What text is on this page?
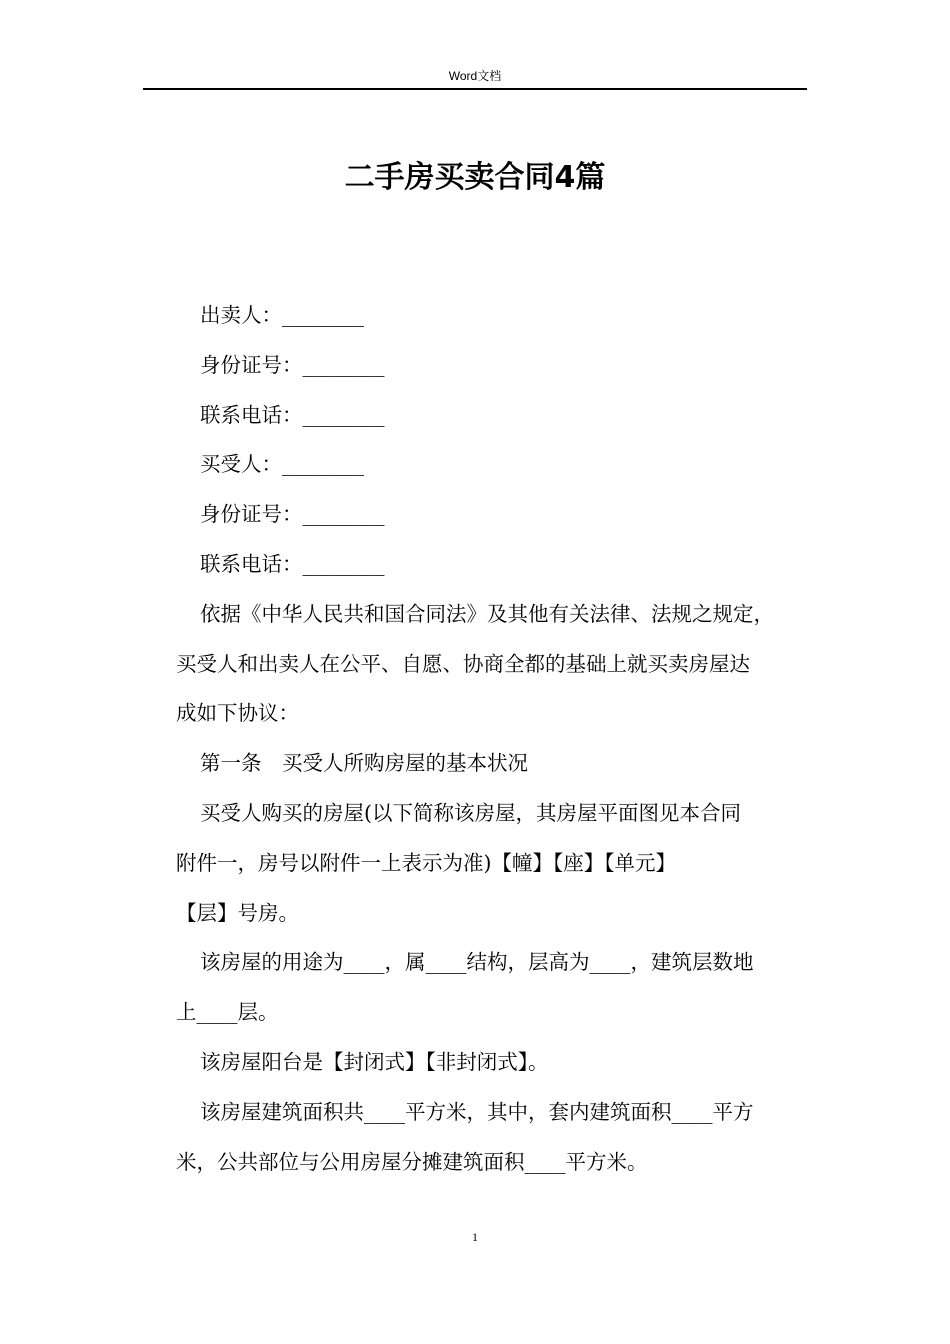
Word文档
二手房买卖合同4篇

出卖人：________

身份证号：________

联系电话：________

买受人：________

身份证号：________

联系电话：________

依据《中华人民共和国合同法》及其他有关法律、法规之规定，

买受人和出卖人在公平、自愿、协商全都的基础上就买卖房屋达

成如下协议：

第一条　买受人所购房屋的基本状况

买受人购买的房屋(以下简称该房屋，其房屋平面图见本合同

附件一，房号以附件一上表示为准)【幢】【座】【单元】

【层】号房。

该房屋的用途为____，属____结构，层高为____，建筑层数地

上____层。

该房屋阳台是【封闭式】【非封闭式】。

该房屋建筑面积共____平方米，其中，套内建筑面积____平方

米，公共部位与公用房屋分摊建筑面积____平方米。

1
